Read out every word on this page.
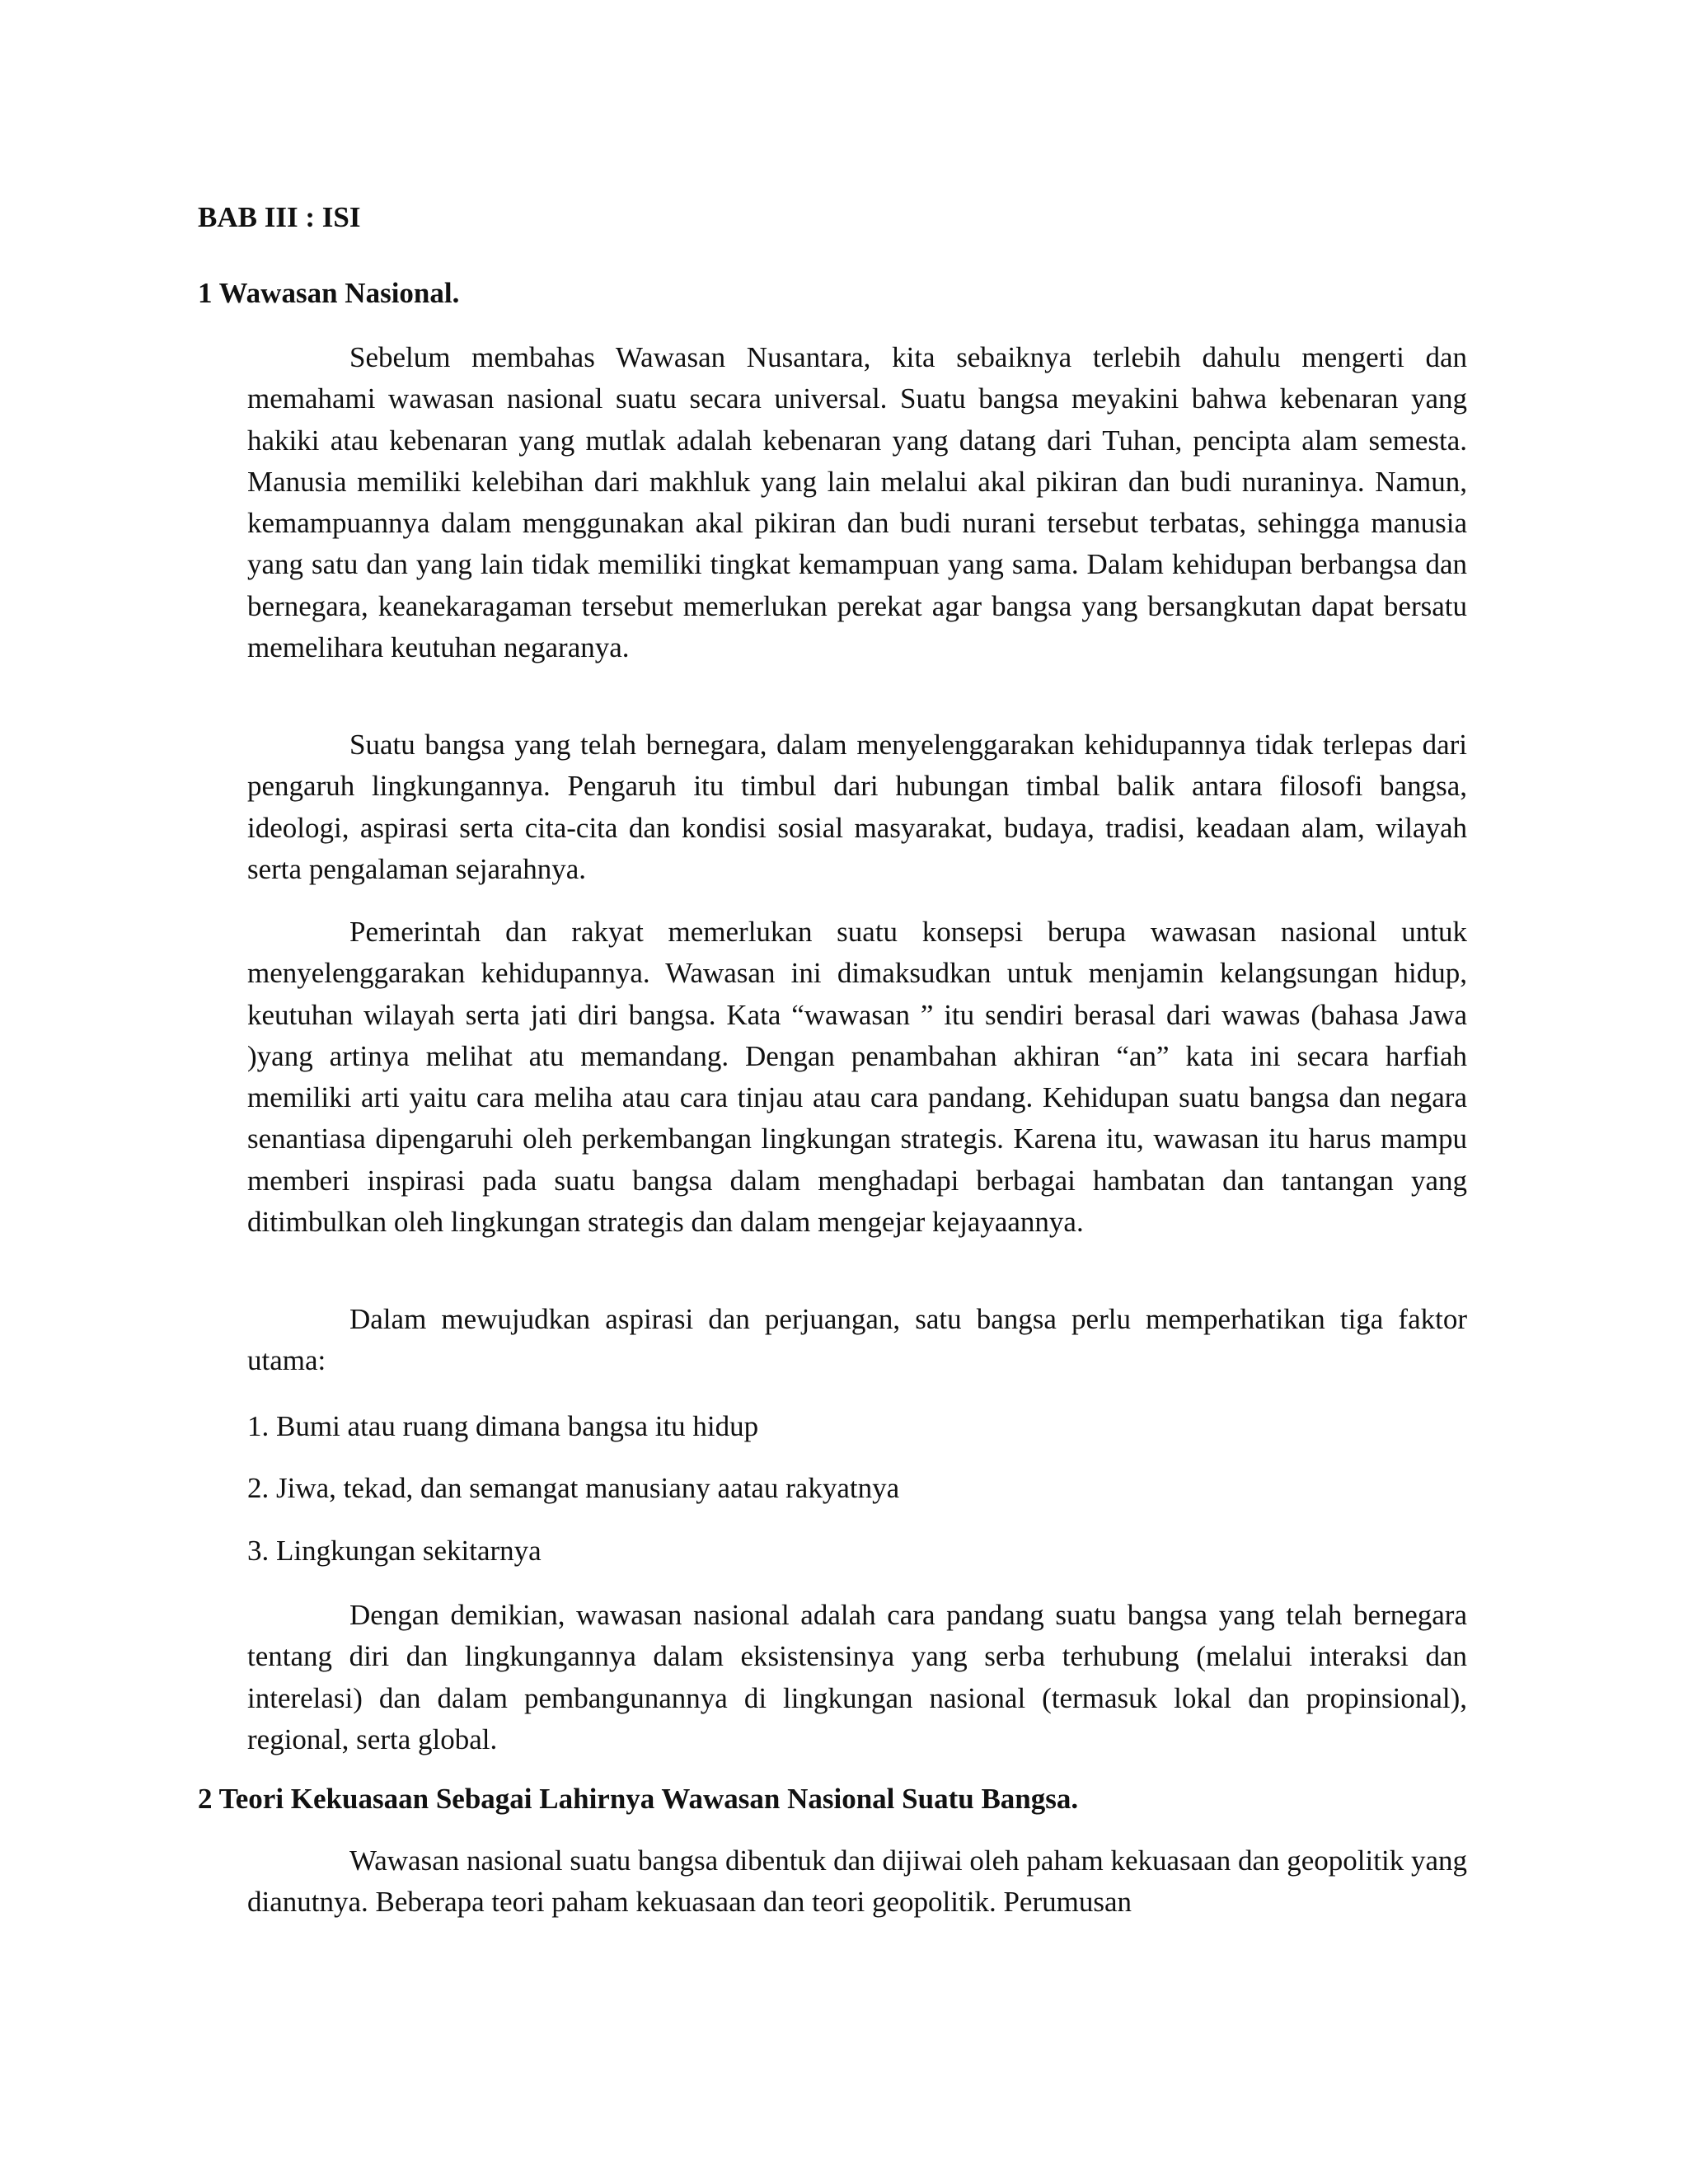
BAB III : ISI
1 Wawasan Nasional.

Sebelum membahas Wawasan Nusantara, kita sebaiknya terlebih dahulu mengerti dan memahami wawasan nasional suatu secara universal. Suatu bangsa meyakini bahwa kebenaran yang hakiki atau kebenaran yang mutlak adalah kebenaran yang datang dari Tuhan, pencipta alam semesta. Manusia memiliki kelebihan dari makhluk yang lain melalui akal pikiran dan budi nuraninya. Namun, kemampuannya dalam menggunakan akal pikiran dan budi nurani tersebut terbatas, sehingga manusia yang satu dan yang lain tidak memiliki tingkat kemampuan yang sama. Dalam kehidupan berbangsa dan bernegara, keanekaragaman tersebut memerlukan perekat agar bangsa yang bersangkutan dapat bersatu memelihara keutuhan negaranya.

Suatu bangsa yang telah bernegara, dalam menyelenggarakan kehidupannya tidak terlepas dari pengaruh lingkungannya. Pengaruh itu timbul dari hubungan timbal balik antara filosofi bangsa, ideologi, aspirasi serta cita-cita dan kondisi sosial masyarakat, budaya, tradisi, keadaan alam, wilayah serta pengalaman sejarahnya.

Pemerintah dan rakyat memerlukan suatu konsepsi berupa wawasan nasional untuk menyelenggarakan kehidupannya. Wawasan ini dimaksudkan untuk menjamin kelangsungan hidup, keutuhan wilayah serta jati diri bangsa. Kata “wawasan ” itu sendiri berasal dari wawas (bahasa Jawa )yang artinya melihat atu memandang. Dengan penambahan akhiran “an” kata ini secara harfiah memiliki arti yaitu cara meliha atau cara tinjau atau cara pandang. Kehidupan suatu bangsa dan negara senantiasa dipengaruhi oleh perkembangan lingkungan strategis. Karena itu, wawasan itu harus mampu memberi inspirasi pada suatu bangsa dalam menghadapi berbagai hambatan dan tantangan yang ditimbulkan oleh lingkungan strategis dan dalam mengejar kejayaannya.

Dalam mewujudkan aspirasi dan perjuangan, satu bangsa perlu memperhatikan tiga faktor utama:

1. Bumi atau ruang dimana bangsa itu hidup

2. Jiwa, tekad, dan semangat manusiany aatau rakyatnya

3. Lingkungan sekitarnya

Dengan demikian, wawasan nasional adalah cara pandang suatu bangsa yang telah bernegara tentang diri dan lingkungannya dalam eksistensinya yang serba terhubung (melalui interaksi dan interelasi) dan dalam pembangunannya di lingkungan nasional (termasuk lokal dan propinsional), regional, serta global.

2 Teori Kekuasaan Sebagai Lahirnya Wawasan Nasional Suatu Bangsa.

Wawasan nasional suatu bangsa dibentuk dan dijiwai oleh paham kekuasaan dan geopolitik yang dianutnya. Beberapa teori paham kekuasaan dan teori geopolitik. Perumusan
